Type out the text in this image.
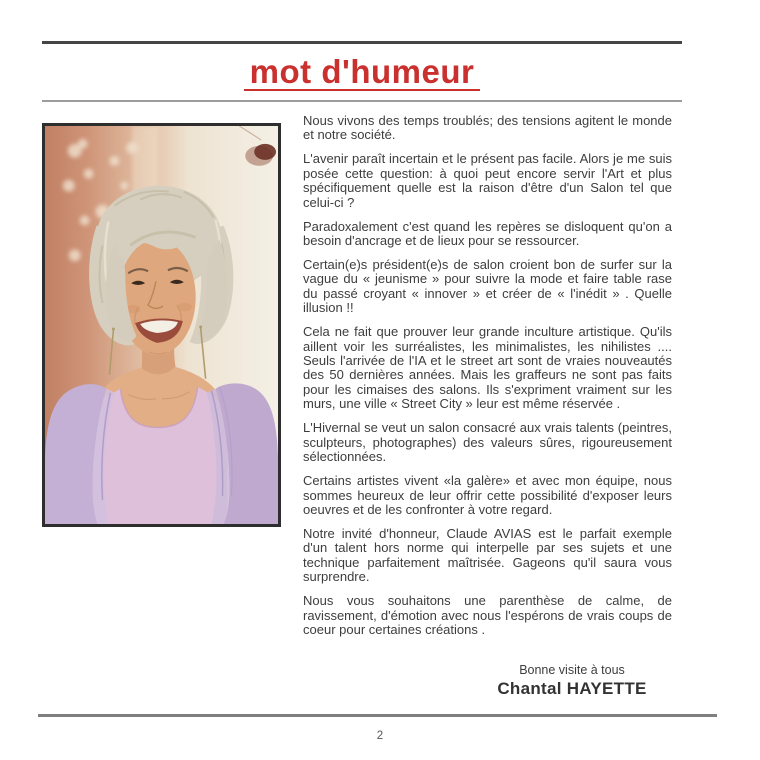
mot d'humeur

Nous vivons des temps troublés; des tensions agitent le monde et notre société.

L'avenir paraît incertain et le présent pas facile. Alors je me suis posée cette question: à quoi peut encore servir l'Art et plus spécifiquement quelle est la raison d'être d'un Salon tel que celui-ci ?

Paradoxalement c'est quand les repères se disloquent qu'on a besoin d'ancrage et de lieux pour se ressourcer.

Certain(e)s président(e)s de salon croient bon de surfer sur la vague du « jeunisme » pour suivre la mode et faire table rase du passé croyant « innover » et créer de « l'inédit » . Quelle illusion !!

Cela ne fait que prouver leur grande inculture artistique. Qu'ils aillent voir les surréalistes, les minimalistes, les nihilistes .... Seuls l'arrivée de l'IA et le street art sont de vraies nouveautés des 50 dernières années. Mais les graffeurs ne sont pas faits pour les cimaises des salons. Ils s'expriment vraiment sur les murs, une ville « Street City » leur est même réservée .

L'Hivernal se veut un salon consacré aux vrais talents (peintres, sculpteurs, photographes) des valeurs sûres, rigoureusement sélectionnées.

Certains artistes vivent «la galère» et avec mon équipe, nous sommes heureux de leur offrir cette possibilité d'exposer leurs oeuvres et de les confronter à votre regard.

Notre invité d'honneur, Claude AVIAS est le parfait exemple d'un talent hors norme qui interpelle par ses sujets et une technique parfaitement maîtrisée. Gageons qu'il saura vous surprendre.

Nous vous souhaitons une parenthèse de calme, de ravissement, d'émotion avec nous l'espérons de vrais coups de coeur pour certaines créations .

Bonne visite à tous
Chantal HAYETTE
2
